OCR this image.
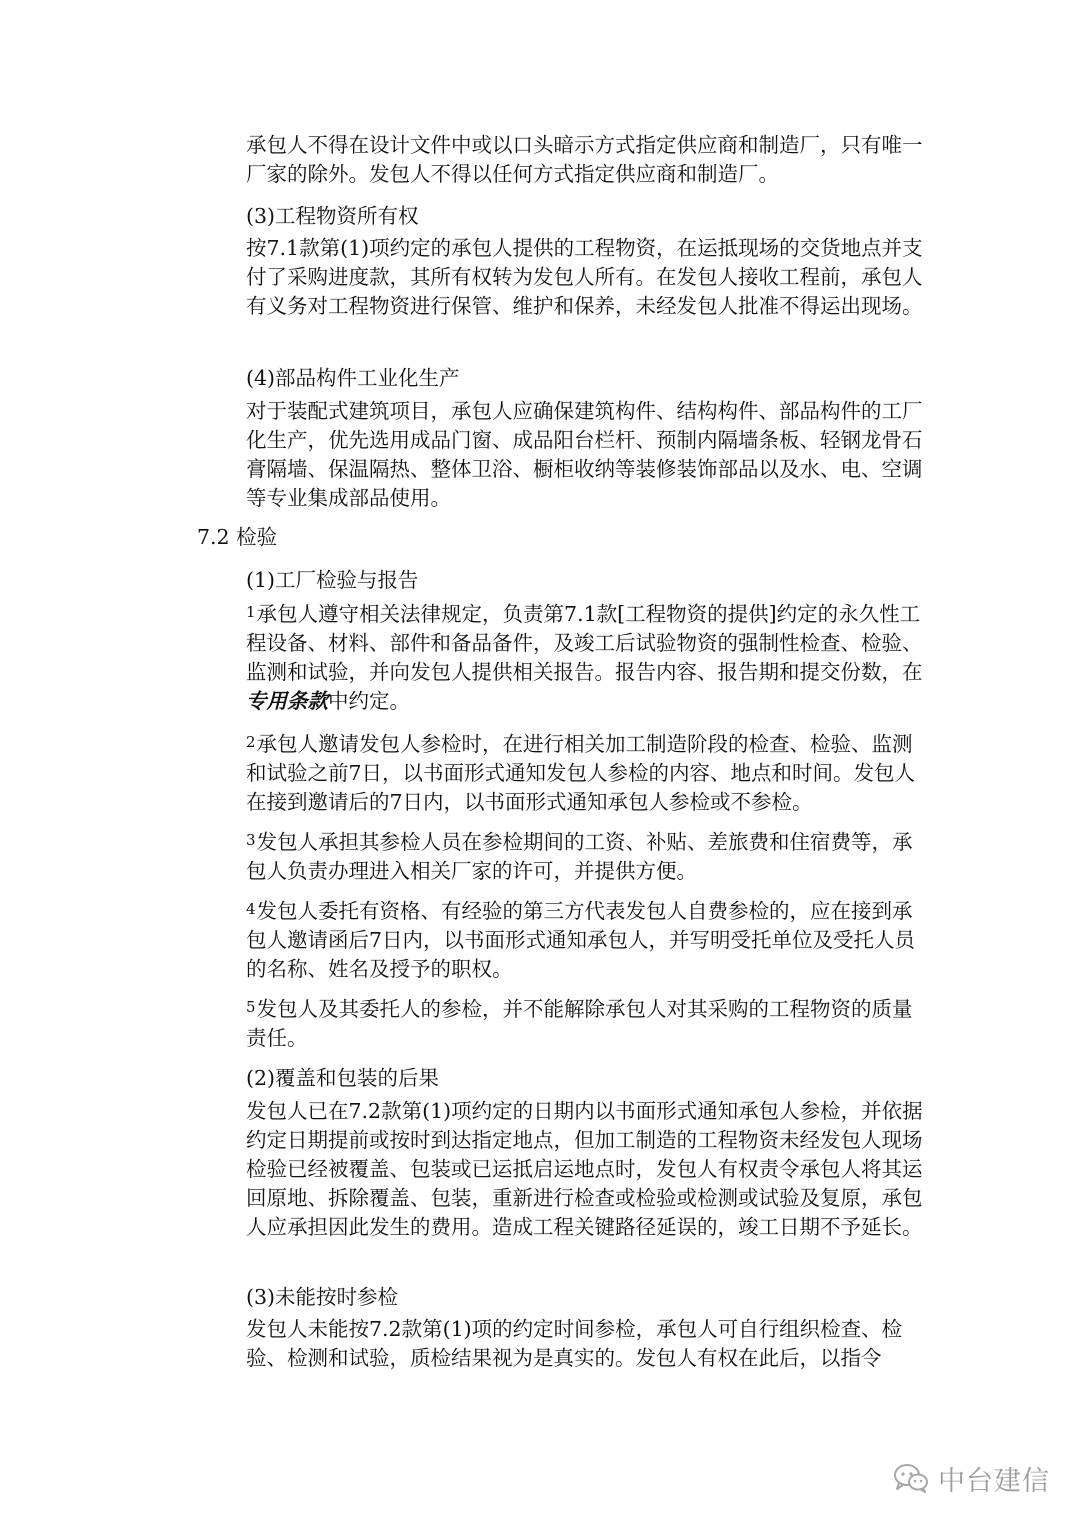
承包人不得在设计文件中或以口头暗示方式指定供应商和制造厂，只有唯一厂家的除外。发包人不得以任何方式指定供应商和制造厂。

(3)工程物资所有权

按7.1款第(1)项约定的承包人提供的工程物资，在运抵现场的交货地点并支付了采购进度款，其所有权转为发包人所有。在发包人接收工程前，承包人有义务对工程物资进行保管、维护和保养，未经发包人批准不得运出现场。

(4)部品构件工业化生产

对于装配式建筑项目，承包人应确保建筑构件、结构构件、部品构件的工厂化生产，优先选用成品门窗、成品阳台栏杆、预制内隔墙条板、轻钢龙骨石膏隔墙、保温隔热、整体卫浴、橱柜收纳等装修装饰部品以及水、电、空调等专业集成部品使用。

7.2 检验

(1)工厂检验与报告

1承包人遵守相关法律规定，负责第7.1款[工程物资的提供]约定的永久性工程设备、材料、部件和备品备件，及竣工后试验物资的强制性检查、检验、监测和试验，并向发包人提供相关报告。报告内容、报告期和提交份数，在专用条款中约定。

2承包人邀请发包人参检时，在进行相关加工制造阶段的检查、检验、监测和试验之前7日，以书面形式通知发包人参检的内容、地点和时间。发包人在接到邀请后的7日内，以书面形式通知承包人参检或不参检。

3发包人承担其参检人员在参检期间的工资、补贴、差旅费和住宿费等，承包人负责办理进入相关厂家的许可，并提供方便。

4发包人委托有资格、有经验的第三方代表发包人自费参检的，应在接到承包人邀请函后7日内，以书面形式通知承包人，并写明受托单位及受托人员的名称、姓名及授予的职权。

5发包人及其委托人的参检，并不能解除承包人对其采购的工程物资的质量责任。

(2)覆盖和包装的后果

发包人已在7.2款第(1)项约定的日期内以书面形式通知承包人参检，并依据约定日期提前或按时到达指定地点，但加工制造的工程物资未经发包人现场检验已经被覆盖、包装或已运抵启运地点时，发包人有权责令承包人将其运回原地、拆除覆盖、包装，重新进行检查或检验或检测或试验及复原，承包人应承担因此发生的费用。造成工程关键路径延误的，竣工日期不予延长。

(3)未能按时参检

发包人未能按7.2款第(1)项的约定时间参检，承包人可自行组织检查、检验、检测和试验，质检结果视为是真实的。发包人有权在此后，以指令

中台建信
